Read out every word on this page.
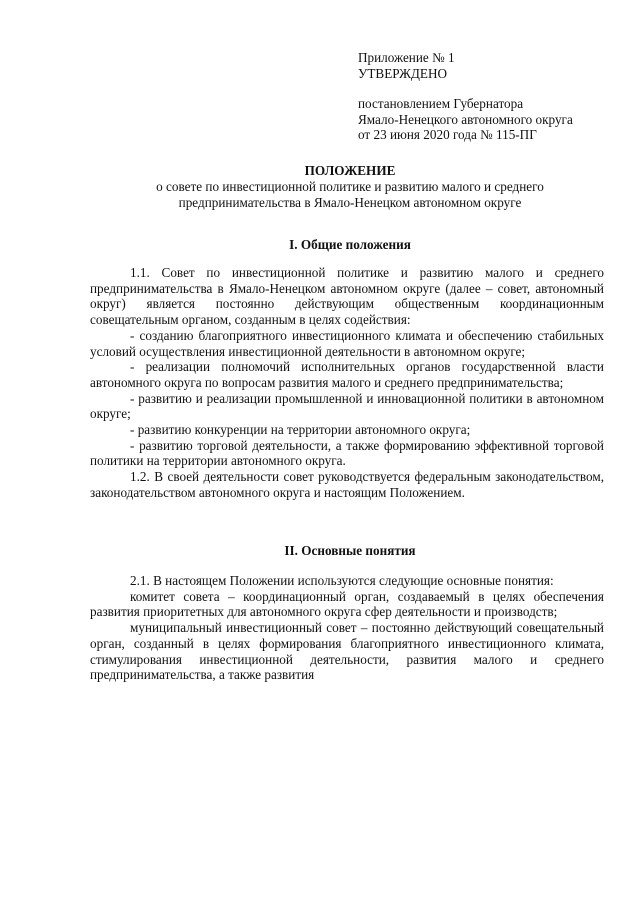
Приложение № 1
УТВЕРЖДЕНО
постановлением Губернатора
Ямало-Ненецкого автономного округа
от 23 июня 2020 года № 115-ПГ
ПОЛОЖЕНИЕ
о совете по инвестиционной политике и развитию малого и среднего
предпринимательства в Ямало-Ненецком автономном округе
I. Общие положения

1.1. Совет по инвестиционной политике и развитию малого и среднего предпринимательства в Ямало-Ненецком автономном округе (далее – совет, автономный округ) является постоянно действующим общественным координационным совещательным органом, созданным в целях содействия:

- созданию благоприятного инвестиционного климата и обеспечению стабильных условий осуществления инвестиционной деятельности в автономном округе;

- реализации полномочий исполнительных органов государственной власти автономного округа по вопросам развития малого и среднего предпринимательства;

- развитию и реализации промышленной и инновационной политики в автономном округе;

- развитию конкуренции на территории автономного округа;

- развитию торговой деятельности, а также формированию эффективной торговой политики на территории автономного округа.

1.2. В своей деятельности совет руководствуется федеральным законодательством, законодательством автономного округа и настоящим Положением.

II. Основные понятия

2.1. В настоящем Положении используются следующие основные понятия:

комитет совета – координационный орган, создаваемый в целях обеспечения развития приоритетных для автономного округа сфер деятельности и производств;

муниципальный инвестиционный совет – постоянно действующий совещательный орган, созданный в целях формирования благоприятного инвестиционного климата, стимулирования инвестиционной деятельности, развития малого и среднего предпринимательства, а также развития
